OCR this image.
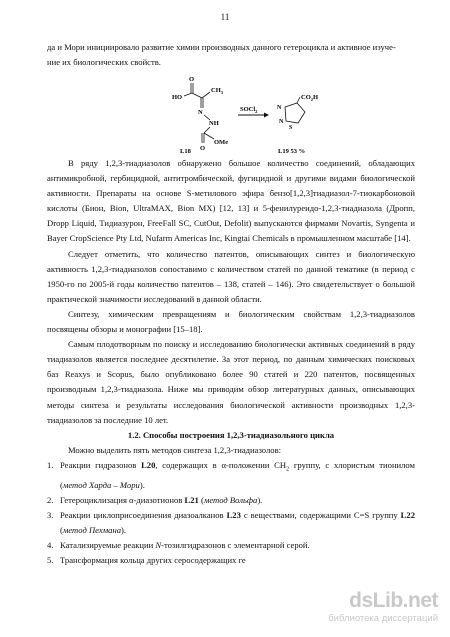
11

да и Мори инициировало развитие химии производных данного гетероцикла и активное изуче-

ние их биологических свойств.

O
HO
$CH_3$
N
NH
O
OMe
SOCl$_2$
$CO_2H$
N
N
S
L18	L19 53 %

В ряду 1,2,3-тиадиазолов обнаружено большое количество соединений, обладающих антимикробной, гербицидной, антитромбической, фугицидной и другими видами биологической активности. Препараты на основе S-метилового эфира бензо[1,2,3]тиадиазол-7-тиокарбоновой кислоты (Бион, Bion, UltraMAX, Bion MX) [12, 13] и 5-фенилуреидо-1,2,3-тиадиазола (Дропп, Dropp Liquid, Тидиазурон, FreeFall SC, CutOut, Defolit) выпускаются фирмами Novartis, Syngenta и Bayer CropScience Pty Ltd, Nufarm Americas Inc, Kingtai Chemicals в промышленном масштабе [14].

Следует отметить, что количество патентов, описывающих синтез и биологическую активность 1,2,3-тиадиазолов сопоставимо с количеством статей по данной тематике (в период с 1950-го по 2005-й годы количество патентов – 138, статей – 146). Это свидетельствует о большой практической значимости исследований в данной области.

Синтезу, химическим превращениям и биологическим свойствам 1,2,3-тиадиазолов посвящены обзоры и монографии [15–18].

Самым плодотворным по поиску и исследованию биологически активных соединений в ряду тиадиазолов является последнее десятилетие. За этот период, по данным химических поисковых баз Reaxys и Scopus, было опубликовано более 90 статей и 220 патентов, посвященных производным 1,2,3-тиадиазола. Ниже мы приводим обзор литературных данных, описывающих методы синтеза и результаты исследования биологической активности производных 1,2,3-тиадиазолов за последние 10 лет.

1.2. Способы построения 1,2,3-тиадиазольного цикла

Можно выделить пять методов синтеза 1,2,3-тиадиазолов:

1. Реакции гидразонов L20, содержащих в α-положении $CH_2$ группу, с хлористым тионилом (метод Харда – Мори).
2. Гетероциклизация α-диазотионов L21 (метод Вольфа).
3. Реакции циклоприсоединения диазоалканов L23 с веществами, содержащими C=S группу L22 (метод Пехмана).
4. Катализируемые реакции N-тозилгидразонов с элементарной серой.
5. Трансформация кольца других серосодержащих ге
dsLib.net
библиотека диссертаций
